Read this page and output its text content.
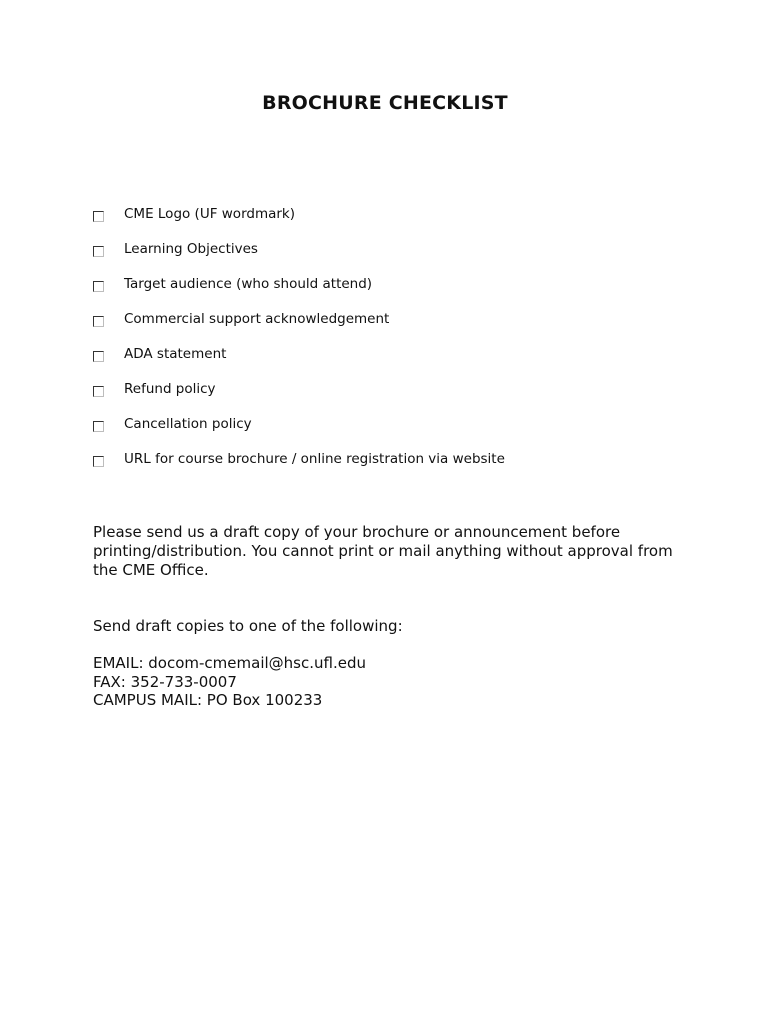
BROCHURE CHECKLIST
CME Logo (UF wordmark)
Learning Objectives
Target audience (who should attend)
Commercial support acknowledgement
ADA statement
Refund policy
Cancellation policy
URL for course brochure / online registration via website

Please send us a draft copy of your brochure or announcement before printing/distribution. You cannot print or mail anything without approval from the CME Office.

Send draft copies to one of the following:

EMAIL: docom-cmemail@hsc.ufl.edu
FAX: 352-733-0007
CAMPUS MAIL: PO Box 100233
